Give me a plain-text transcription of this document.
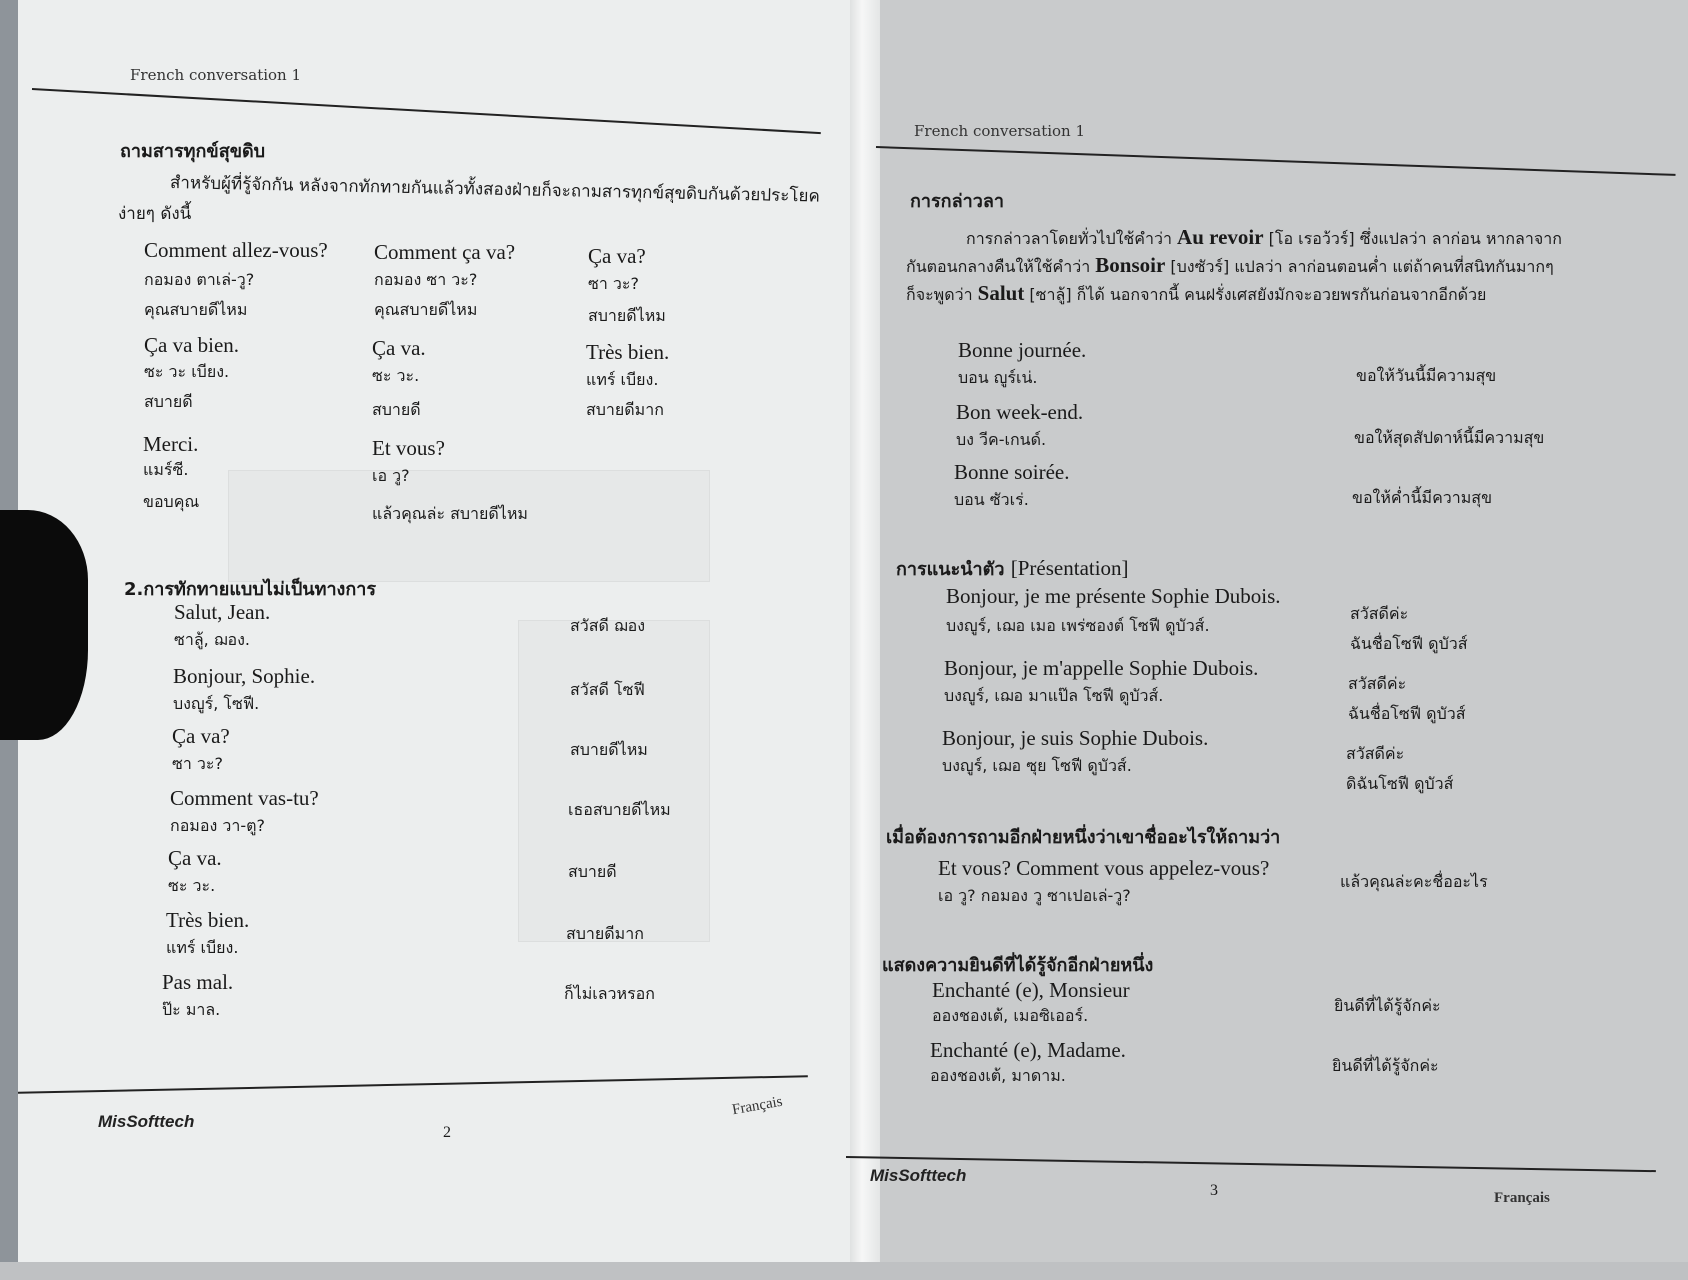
French conversation 1
ถามสารทุกข์สุขดิบ
สำหรับผู้ที่รู้จักกัน หลังจากทักทายกันแล้วทั้งสองฝ่ายก็จะถามสารทุกข์สุขดิบกันด้วยประโยค
ง่ายๆ ดังนี้
Comment allez-vous?
กอมอง ตาเล่-วู?
คุณสบายดีไหม
Comment ça va?
กอมอง ซา วะ?
คุณสบายดีไหม
Ça va?
ซา วะ?
สบายดีไหม
Ça va bien.
ซะ วะ เบียง.
สบายดี
Ça va.
ซะ วะ.
สบายดี
Très bien.
แทร์ เบียง.
สบายดีมาก
Merci.
แมร์ซี.
ขอบคุณ
Et vous?
เอ วู?
แล้วคุณล่ะ สบายดีไหม
2.การทักทายแบบไม่เป็นทางการ
Salut, Jean.
ซาลู้, ฌอง.
สวัสดี ฌอง
Bonjour, Sophie.
บงญูร์, โซฟี.
สวัสดี โซฟี
Ça va?
ซา วะ?
สบายดีไหม
Comment vas-tu?
กอมอง วา-ตู?
เธอสบายดีไหม
Ça va.
ซะ วะ.
สบายดี
Très bien.
แทร์ เบียง.
สบายดีมาก
Pas mal.
ป๊ะ มาล.
ก็ไม่เลวหรอก
MisSofttech
2
Français
French conversation 1
การกล่าวลา
การกล่าวลาโดยทั่วไปใช้คำว่า Au revoir [โอ เรอว้วร์] ซึ่งแปลว่า ลาก่อน หากลาจาก
กันตอนกลางคืนให้ใช้คำว่า Bonsoir [บงซัวร์] แปลว่า ลาก่อนตอนค่ำ แต่ถ้าคนที่สนิทกันมากๆ
ก็จะพูดว่า Salut [ซาลู้] ก็ได้ นอกจากนี้ คนฝรั่งเศสยังมักจะอวยพรกันก่อนจากอีกด้วย
Bonne journée.
บอน ญูร์เน่.	ขอให้วันนี้มีความสุข
Bon week-end.
บง วีค-เกนด์.	ขอให้สุดสัปดาห์นี้มีความสุข
Bonne soirée.
บอน ซัวเร่.	ขอให้ค่ำนี้มีความสุข
การแนะนำตัว [Présentation]
Bonjour, je me présente Sophie Dubois.
บงญูร์, เฌอ เมอ เพร่ซองต์ โซฟี ดูบัวส์.
สวัสดีค่ะ
ฉันชื่อโซฟี ดูบัวส์
Bonjour, je m'appelle Sophie Dubois.
บงญูร์, เฌอ มาแป๊ล โซฟี ดูบัวส์.
สวัสดีค่ะ
ฉันชื่อโซฟี ดูบัวส์
Bonjour, je suis Sophie Dubois.
บงญูร์, เฌอ ซุย โซฟี ดูบัวส์.
สวัสดีค่ะ
ดิฉันโซฟี ดูบัวส์
เมื่อต้องการถามอีกฝ่ายหนึ่งว่าเขาชื่ออะไรให้ถามว่า
Et vous? Comment vous appelez-vous?
เอ วู? กอมอง วู ซาเปอเล่-วู?
แล้วคุณล่ะคะชื่ออะไร
แสดงความยินดีที่ได้รู้จักอีกฝ่ายหนึ่ง
Enchanté (e), Monsieur
อองชองเต้, เมอซิเออร์.
ยินดีที่ได้รู้จักค่ะ
Enchanté (e), Madame.
อองชองเต้, มาดาม.
ยินดีที่ได้รู้จักค่ะ
MisSofttech
3	Français
